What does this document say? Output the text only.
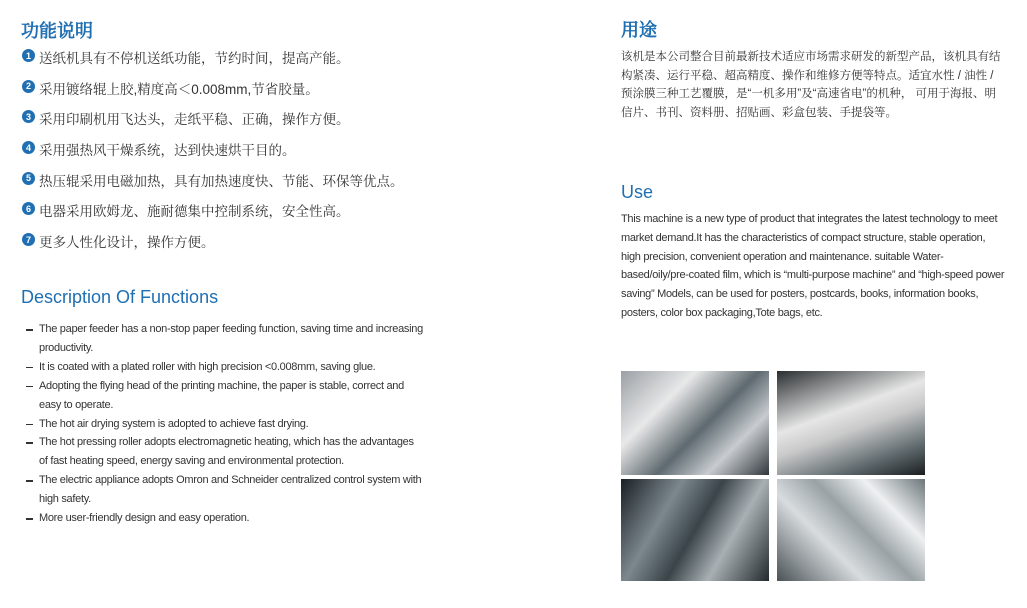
功能说明
1 送纸机具有不停机送纸功能，节约时间，提高产能。
2 采用镀络辊上胶,精度高＜0.008mm,节省胶量。
3 采用印刷机用飞达头，走纸平稳、正确，操作方便。
4 采用强热风干燥系统，达到快速烘干目的。
5 热压辊采用电磁加热，具有加热速度快、节能、环保等优点。
6 电器采用欧姆龙、施耐德集中控制系统，安全性高。
7 更多人性化设计，操作方便。
Description Of Functions
The paper feeder has a non-stop paper feeding function, saving time and increasing productivity.
It is coated with a plated roller with high precision <0.008mm, saving glue.
Adopting the flying head of the printing machine, the paper is stable, correct and easy to operate.
The hot air drying system is adopted to achieve fast drying.
The hot pressing roller adopts electromagnetic heating, which has the advantages of fast heating speed, energy saving and environmental protection.
The electric appliance adopts Omron and Schneider centralized control system with high safety.
More user-friendly design and easy operation.
用途

该机是本公司整合目前最新技术适应市场需求研发的新型产品，该机具有结构紧凑、运行平稳、超高精度、操作和维修方便等特点。适宜水性 / 油性 / 预涂膜三种工艺覆膜，是“一机多用”及“高速省电”的机种， 可用于海报、明信片、书刊、资料册、招贴画、彩盒包装、手提袋等。

Use

This machine is a new type of product that integrates the latest technology to meet market demand.It has the characteristics of compact structure, stable operation, high precision, convenient operation and maintenance. suitable Water-based/oily/pre-coated film, which is “multi-purpose machine” and “high-speed power saving” Models, can be used for posters, postcards, books, information books, posters, color box packaging,Tote bags, etc.
